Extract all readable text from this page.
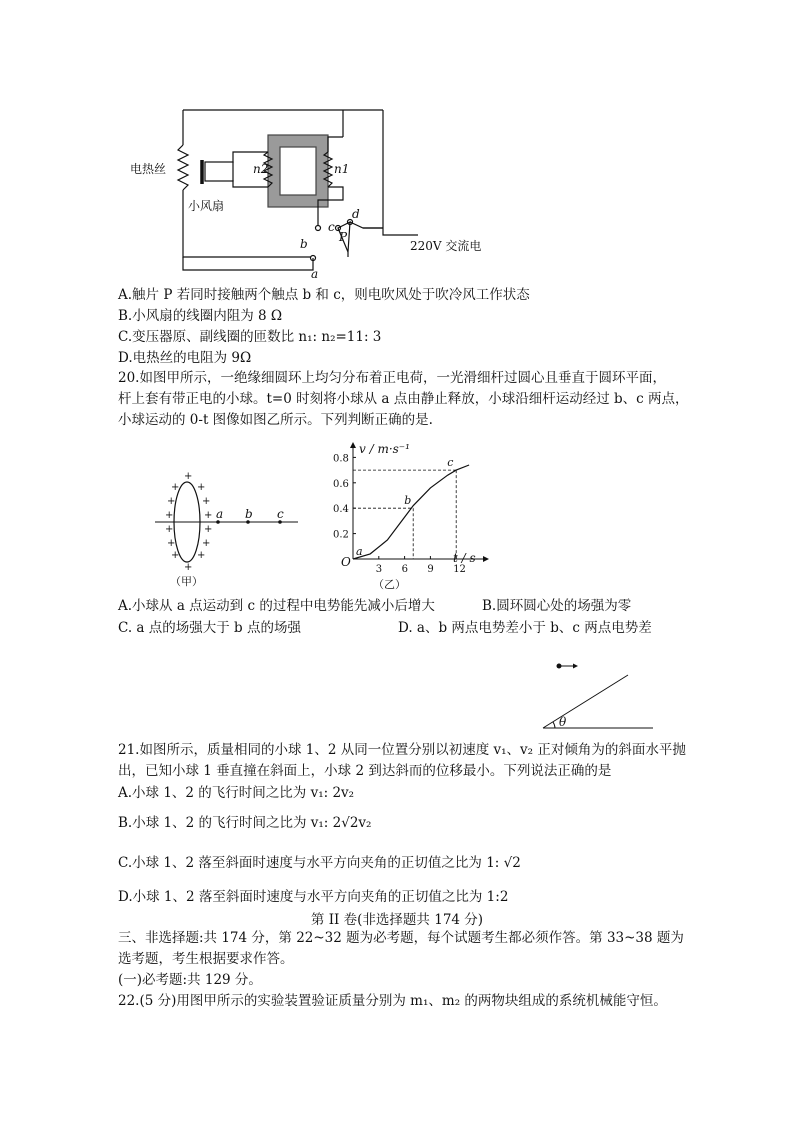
电热丝
小风扇
n2	n1
a
b
c
d
P
220V 交流电
A.触片 P 若同时接触两个触点 b 和 c，则电吹风处于吹冷风工作状态
B.小风扇的线圈内阻为 8 Ω
C.变压器原、副线圈的匝数比 n₁: n₂=11: 3
D.电热丝的电阻为 9Ω
20.如图甲所示，一绝缘细圆环上均匀分布着正电荷，一光滑细杆过圆心且垂直于圆环平面，
杆上套有带正电的小球。t=0 时刻将小球从 a 点由静止释放，小球沿细杆运动经过 b、c 两点，
小球运动的 0-t 图像如图乙所示。下列判断正确的是.
+
+ +
+	+
+	+
+	+
+	+
+ +
+
a b c
（甲）
v / m·s⁻¹
t / s
O
（乙）
3 6 9 12
0.2
0.4
0.6
0.8
a
b
c
A.小球从 a 点运动到 c 的过程中电势能先减小后增大	B.圆环圆心处的场强为零
C. a 点的场强大于 b 点的场强	D. a、b 两点电势差小于 b、c 两点电势差
θ
21.如图所示，质量相同的小球 1、2 从同一位置分别以初速度 v₁、v₂ 正对倾角为的斜面水平抛
出，已知小球 1 垂直撞在斜面上，小球 2 到达斜而的位移最小。下列说法正确的是
A.小球 1、2 的飞行时间之比为 v₁: 2v₂
B.小球 1、2 的飞行时间之比为 v₁: 2√2v₂
C.小球 1、2 落至斜面时速度与水平方向夹角的正切值之比为 1: √2
D.小球 1、2 落至斜面时速度与水平方向夹角的正切值之比为 1:2
第 II 卷(非选择题共 174 分)
三、非选择题:共 174 分，第 22~32 题为必考题，每个试题考生都必须作答。第 33~38 题为
选考题，考生根据要求作答。
(一)必考题:共 129 分。
22.(5 分)用图甲所示的实验装置验证质量分别为 m₁、m₂ 的两物块组成的系统机械能守恒。
